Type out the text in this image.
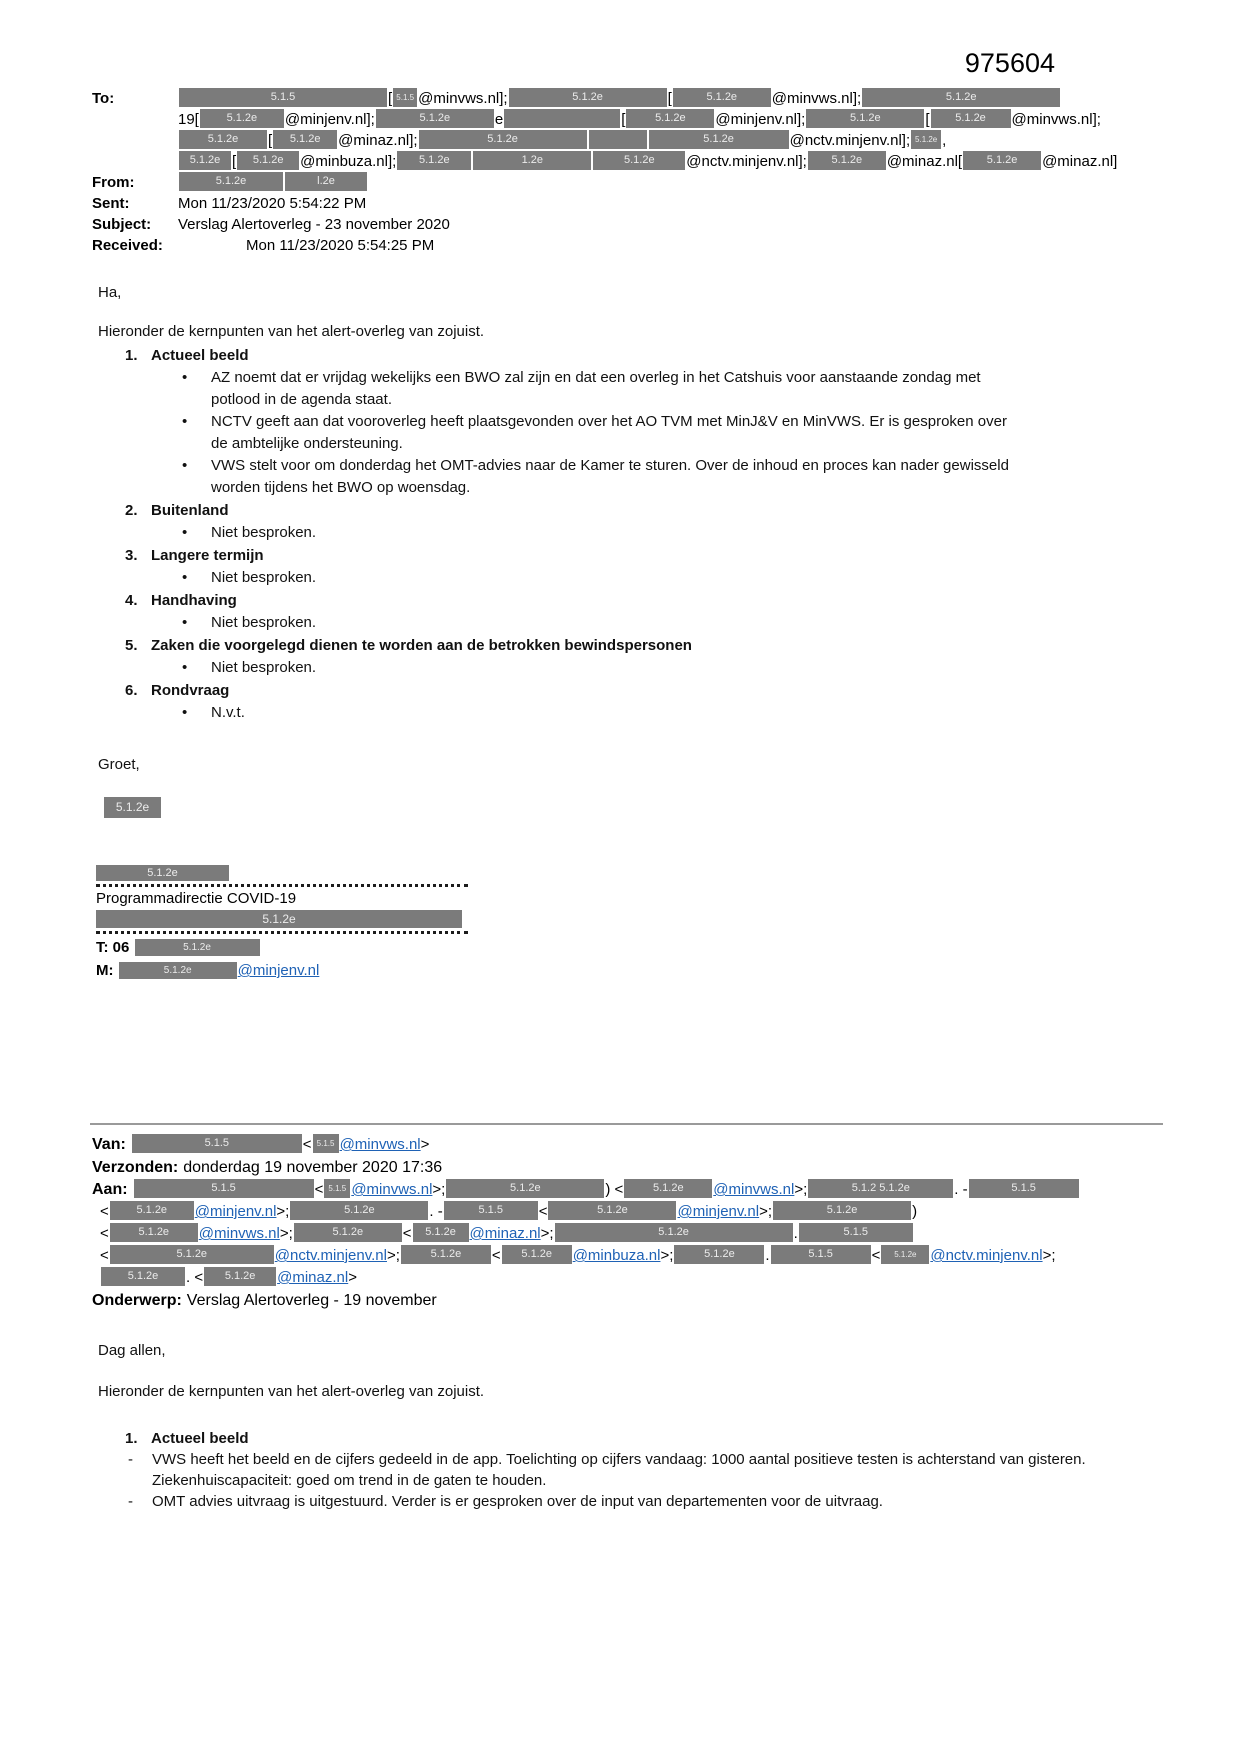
975604
To:	5.1.5	[ 5.1.5 @minvws.nl];	5.1.2e	[	5.1.2e @minvws.nl];	5.1.2e
19[	5.1.2e @minjenv.nl];	5.1.2e	e	[	5.1.2e @minjenv.nl];	5.1.2e	[ 5.1.2e @minvws.nl];
5.1.2e [ 5.1.2e @minaz.nl];	5.1.2e	5.1.2e	@nctv.minjenv.nl]; 5.1.2e ,
5.1.2e [ 5.1.2e @minbuza.nl]; 5.1.2e	1.2e	5.1.2e @nctv.minjenv.nl]; 5.1.2e @minaz.nl[ 5.1.2e @minaz.nl]
From:	5.1.2e	l.2e
Sent:	Mon 11/23/2020 5:54:22 PM
Subject:	Verslag Alertoverleg - 23 november 2020
Received:	Mon 11/23/2020 5:54:25 PM

Ha,

Hieronder de kernpunten van het alert-overleg van zojuist.

1. Actueel beeld
•	AZ noemt dat er vrijdag wekelijks een BWO zal zijn en dat een overleg in het Catshuis voor aanstaande zondag met potlood in de agenda staat.
•	NCTV geeft aan dat vooroverleg heeft plaatsgevonden over het AO TVM met MinJ&V en MinVWS. Er is gesproken over de ambtelijke ondersteuning.
•	VWS stelt voor om donderdag het OMT-advies naar de Kamer te sturen. Over de inhoud en proces kan nader gewisseld worden tijdens het BWO op woensdag.
2. Buitenland
•	Niet besproken.
3. Langere termijn
•	Niet besproken.
4. Handhaving
•	Niet besproken.
5. Zaken die voorgelegd dienen te worden aan de betrokken bewindspersonen
•	Niet besproken.
6. Rondvraag
•	N.v.t.

Groet,

5.1.2e
5.1.2e
Programmadirectie COVID-19
5.1.2e
T: 06	5.1.2e
M:	5.1.2e	@minjenv.nl
Van:	5.1.5	< 5.1.5 @minvws.nl>
Verzonden: donderdag 19 november 2020 17:36
Aan:	5.1.5	< 5.1.5 @minvws.nl>;	5.1.2e	) <	5.1.2e @minvws.nl>;	5.1.2 5.1.2e	. -	5.1.5
<	5.1.2e @minjenv.nl>;	5.1.2e	. -	5.1.5 <	5.1.2e	@minjenv.nl>;	5.1.2e	)
<	5.1.2e @minvws.nl>;	5.1.2e	< 5.1.2e @minaz.nl>;	5.1.2e	.	5.1.5
<	5.1.2e	@nctv.minjenv.nl>;	5.1.2e < 5.1.2e @minbuza.nl>;	5.1.2e .	5.1.5	< 5.1.2e @nctv.minjenv.nl>;
5.1.2e . < 5.1.2e @minaz.nl>
Onderwerp: Verslag Alertoverleg - 19 november

Dag allen,

Hieronder de kernpunten van het alert-overleg van zojuist.

1. Actueel beeld
-	VWS heeft het beeld en de cijfers gedeeld in de app. Toelichting op cijfers vandaag: 1000 aantal positieve testen is achterstand van gisteren. Ziekenhuiscapaciteit: goed om trend in de gaten te houden.
-	OMT advies uitvraag is uitgestuurd. Verder is er gesproken over de input van departementen voor de uitvraag.
